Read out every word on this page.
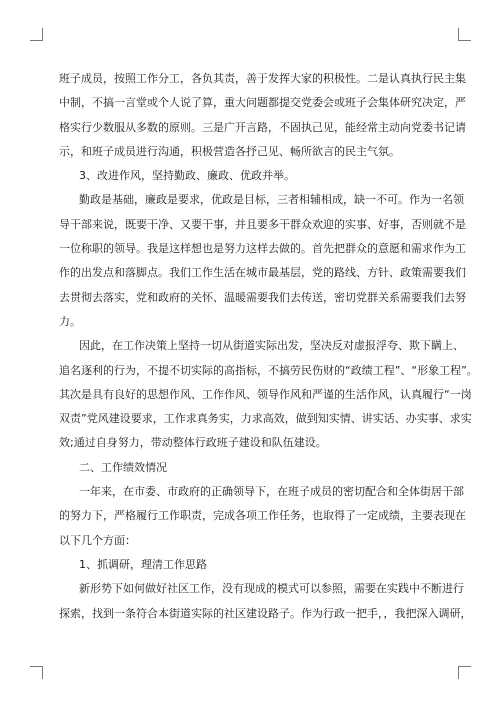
班子成员，按照工作分工，各负其责，善于发挥大家的积极性。二是认真执行民主集
中制，不搞一言堂或个人说了算，重大问题都提交党委会或班子会集体研究决定，严
格实行少数服从多数的原则。三是广开言路，不固执己见，能经常主动向党委书记请
示，和班子成员进行沟通，积极营造各抒己见、畅所欲言的民主气氛。
3、改进作风，坚持勤政、廉政、优政并举。
勤政是基础，廉政是要求，优政是目标，三者相辅相成，缺一不可。作为一名领
导干部来说，既要干净、又要干事，并且要多干群众欢迎的实事、好事，否则就不是
一位称职的领导。我是这样想也是努力这样去做的。首先把群众的意愿和需求作为工
作的出发点和落脚点。我们工作生活在城市最基层，党的路线、方针、政策需要我们
去贯彻去落实，党和政府的关怀、温暖需要我们去传送，密切党群关系需要我们去努
力。
因此，在工作决策上坚持一切从街道实际出发，坚决反对虚报浮夸、欺下瞒上、
追名逐利的行为，不提不切实际的高指标，不搞劳民伤财的“政绩工程”、“形象工程”。
其次是具有良好的思想作风、工作作风、领导作风和严谨的生活作风，认真履行“一岗
双责”党风建设要求，工作求真务实，力求高效，做到知实情、讲实话、办实事、求实
效;通过自身努力，带动整体行政班子建设和队伍建设。
二、工作绩效情况
一年来，在市委、市政府的正确领导下，在班子成员的密切配合和全体街居干部
的努力下，严格履行工作职责，完成各项工作任务，也取得了一定成绩，主要表现在
以下几个方面：
1、抓调研，理清工作思路
新形势下如何做好社区工作，没有现成的模式可以参照，需要在实践中不断进行
探索，找到一条符合本街道实际的社区建设路子。作为行政一把手，，我把深入调研，
